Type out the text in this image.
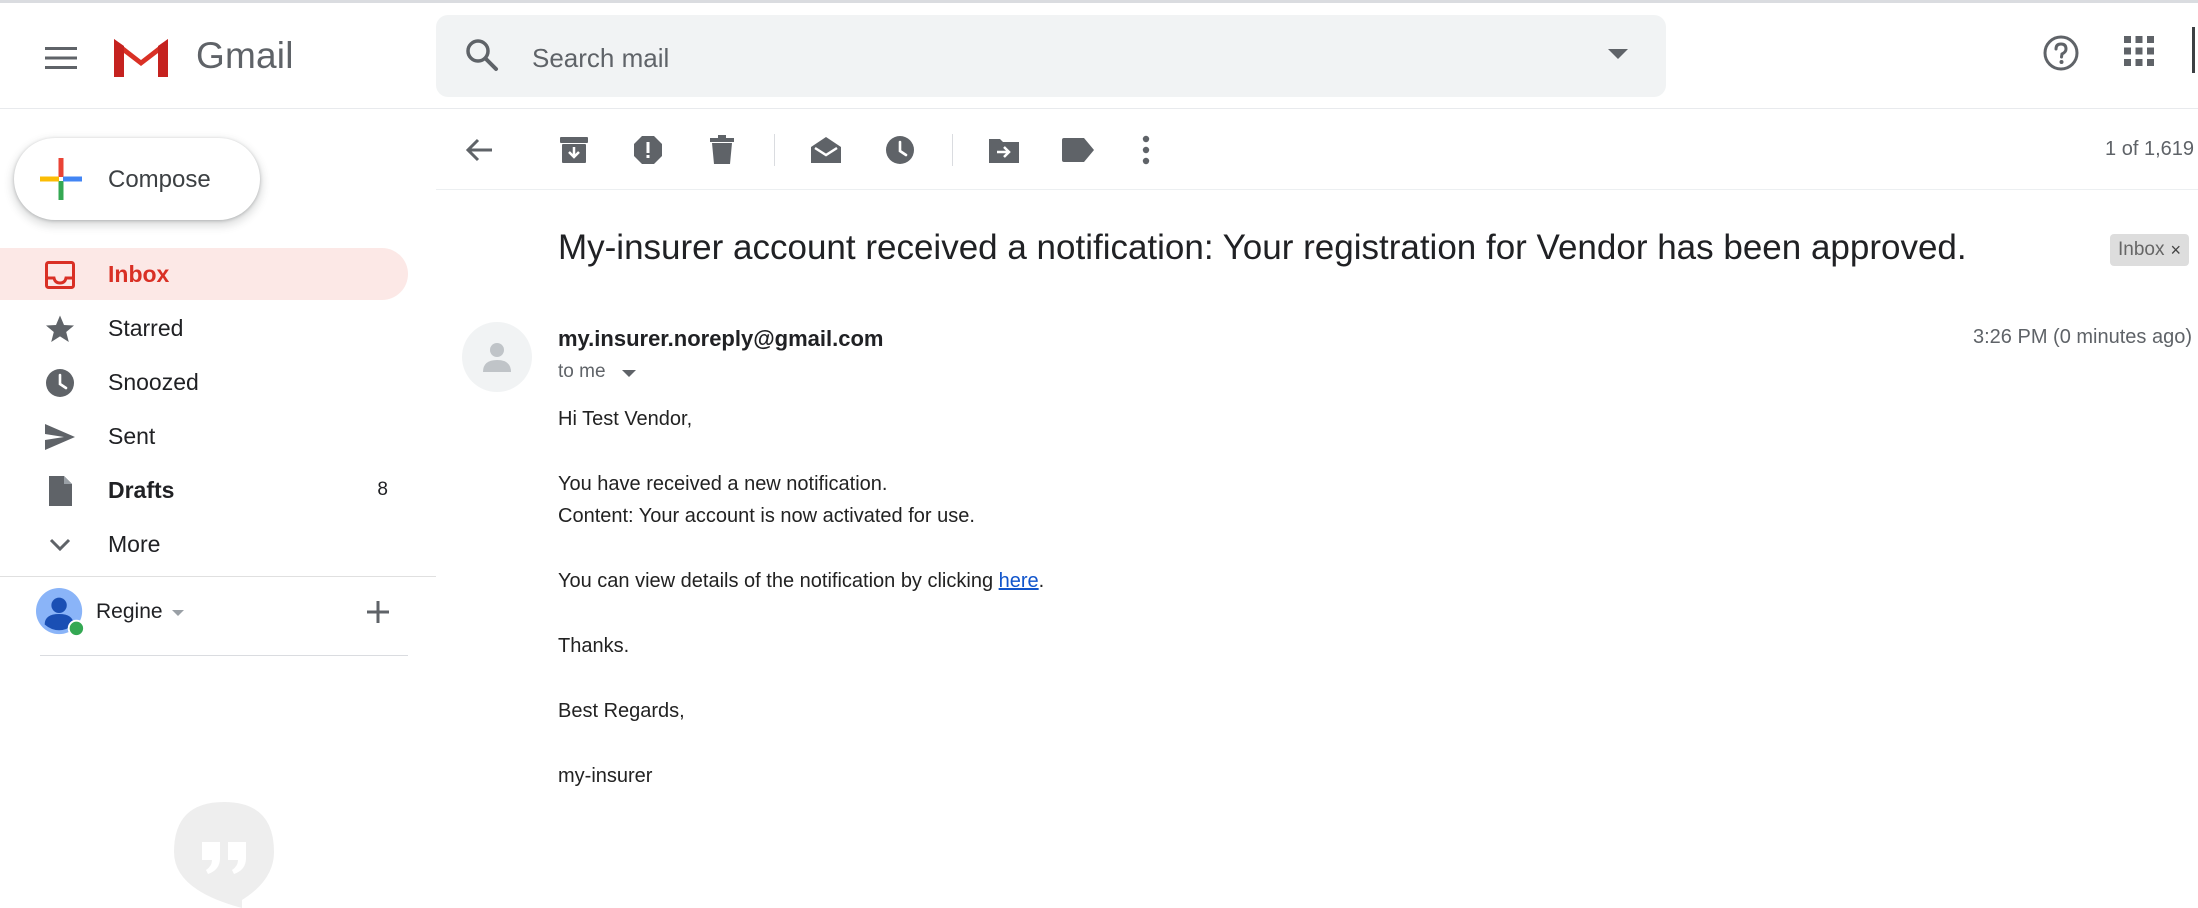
Gmail	Search mail
Compose
Inbox
Starred
Snoozed
Sent
Drafts	8
More
Regine
1 of 1,619
My-insurer account received a notification: Your registration for Vendor has been approved.	Inbox ×
my.insurer.noreply@gmail.com	3:26 PM (0 minutes ago)
to me
Hi Test Vendor,
You have received a new notification.
Content: Your account is now activated for use.
You can view details of the notification by clicking here.
Thanks.
Best Regards,
my-insurer
